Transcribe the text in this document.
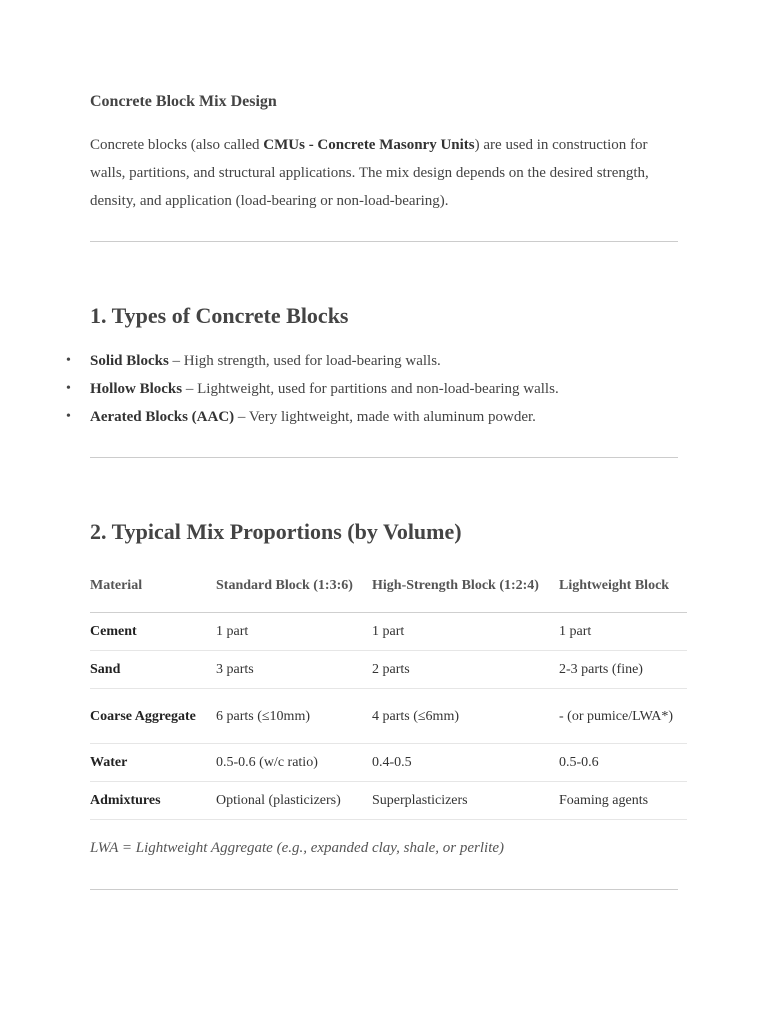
Concrete Block Mix Design

Concrete blocks (also called CMUs - Concrete Masonry Units) are used in construction for walls, partitions, and structural applications. The mix design depends on the desired strength, density, and application (load-bearing or non-load-bearing).

1. Types of Concrete Blocks
• Solid Blocks – High strength, used for load-bearing walls.
• Hollow Blocks – Lightweight, used for partitions and non-load-bearing walls.
• Aerated Blocks (AAC) – Very lightweight, made with aluminum powder.
2. Typical Mix Proportions (by Volume)
Material	Standard Block (1:3:6)	High-Strength Block (1:2:4)	Lightweight Block
Cement	1 part	1 part	1 part
Sand	3 parts	2 parts	2-3 parts (fine)
Coarse Aggregate	6 parts (≤10mm)	4 parts (≤6mm)	- (or pumice/LWA*)
Water	0.5-0.6 (w/c ratio)	0.4-0.5	0.5-0.6
Admixtures	Optional (plasticizers)	Superplasticizers	Foaming agents

LWA = Lightweight Aggregate (e.g., expanded clay, shale, or perlite)
